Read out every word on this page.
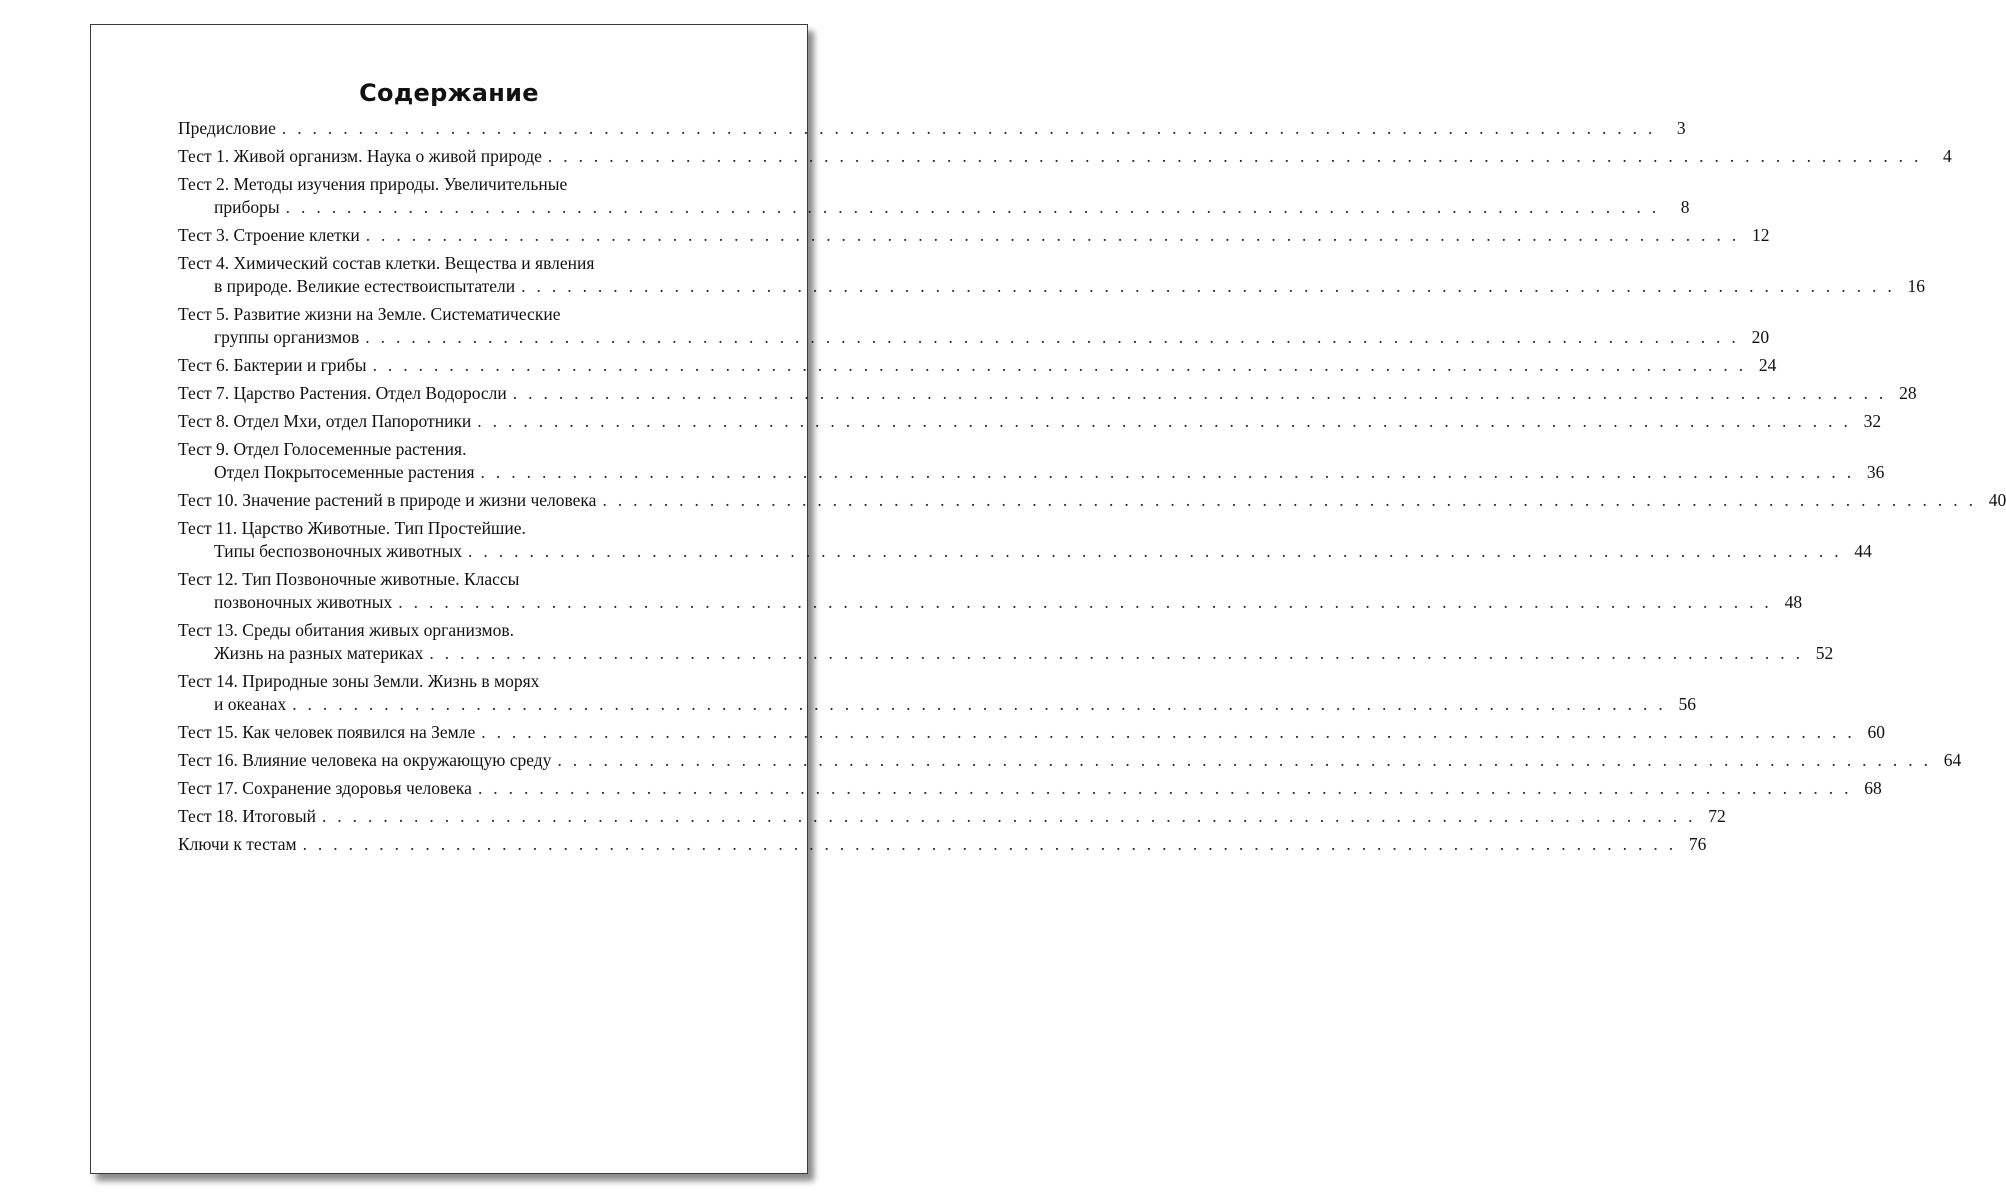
Содержание
Предисловие . . . . . . . . . . . . . . . . . . . . . . . . . . . . . . . . . . . . . . . . . . . . . . . . . . . . . . . . . . . . . . . . . . . . . . . . . . . . . . . . . . . . . . . . . .	3
Тест 1. Живой организм. Наука о живой природе . . . . . . . . . . . . . . . . . . . . . . . . . . . . . . . . . . . . . . . . . . . . . . . . . . . . . . . . . . . . . . . . . . . . . . . . . . . . . . . . . . . . . . . . . .	4
Тест 2. Методы изучения природы. Увеличительные
приборы . . . . . . . . . . . . . . . . . . . . . . . . . . . . . . . . . . . . . . . . . . . . . . . . . . . . . . . . . . . . . . . . . . . . . . . . . . . . . . . . . . . . . . . . . .	8
Тест 3. Строение клетки . . . . . . . . . . . . . . . . . . . . . . . . . . . . . . . . . . . . . . . . . . . . . . . . . . . . . . . . . . . . . . . . . . . . . . . . . . . . . . . . . . . . . . . . . . 12
Тест 4. Химический состав клетки. Вещества и явления
в природе. Великие естествоиспытатели . . . . . . . . . . . . . . . . . . . . . . . . . . . . . . . . . . . . . . . . . . . . . . . . . . . . . . . . . . . . . . . . . . . . . . . . . . . . . . . . . . . . . . . . . . 16
Тест 5. Развитие жизни на Земле. Систематические
группы организмов . . . . . . . . . . . . . . . . . . . . . . . . . . . . . . . . . . . . . . . . . . . . . . . . . . . . . . . . . . . . . . . . . . . . . . . . . . . . . . . . . . . . . . . . . . 20
Тест 6. Бактерии и грибы . . . . . . . . . . . . . . . . . . . . . . . . . . . . . . . . . . . . . . . . . . . . . . . . . . . . . . . . . . . . . . . . . . . . . . . . . . . . . . . . . . . . . . . . . . 24
Тест 7. Царство Растения. Отдел Водоросли . . . . . . . . . . . . . . . . . . . . . . . . . . . . . . . . . . . . . . . . . . . . . . . . . . . . . . . . . . . . . . . . . . . . . . . . . . . . . . . . . . . . . . . . . . 28
Тест 8. Отдел Мхи, отдел Папоротники . . . . . . . . . . . . . . . . . . . . . . . . . . . . . . . . . . . . . . . . . . . . . . . . . . . . . . . . . . . . . . . . . . . . . . . . . . . . . . . . . . . . . . . . . . 32
Тест 9. Отдел Голосеменные растения.
Отдел Покрытосеменные растения . . . . . . . . . . . . . . . . . . . . . . . . . . . . . . . . . . . . . . . . . . . . . . . . . . . . . . . . . . . . . . . . . . . . . . . . . . . . . . . . . . . . . . . . . . 36
Тест 10. Значение растений в природе и жизни человека . . . . . . . . . . . . . . . . . . . . . . . . . . . . . . . . . . . . . . . . . . . . . . . . . . . . . . . . . . . . . . . . . . . . . . . . . . . . . . . . . . . . . . . . . . 40
Тест 11. Царство Животные. Тип Простейшие.
Типы беспозвоночных животных . . . . . . . . . . . . . . . . . . . . . . . . . . . . . . . . . . . . . . . . . . . . . . . . . . . . . . . . . . . . . . . . . . . . . . . . . . . . . . . . . . . . . . . . . . 44
Тест 12. Тип Позвоночные животные. Классы
позвоночных животных . . . . . . . . . . . . . . . . . . . . . . . . . . . . . . . . . . . . . . . . . . . . . . . . . . . . . . . . . . . . . . . . . . . . . . . . . . . . . . . . . . . . . . . . . . 48
Тест 13. Среды обитания живых организмов.
Жизнь на разных материках . . . . . . . . . . . . . . . . . . . . . . . . . . . . . . . . . . . . . . . . . . . . . . . . . . . . . . . . . . . . . . . . . . . . . . . . . . . . . . . . . . . . . . . . . . 52
Тест 14. Природные зоны Земли. Жизнь в морях
и океанах . . . . . . . . . . . . . . . . . . . . . . . . . . . . . . . . . . . . . . . . . . . . . . . . . . . . . . . . . . . . . . . . . . . . . . . . . . . . . . . . . . . . . . . . . . 56
Тест 15. Как человек появился на Земле . . . . . . . . . . . . . . . . . . . . . . . . . . . . . . . . . . . . . . . . . . . . . . . . . . . . . . . . . . . . . . . . . . . . . . . . . . . . . . . . . . . . . . . . . . 60
Тест 16. Влияние человека на окружающую среду . . . . . . . . . . . . . . . . . . . . . . . . . . . . . . . . . . . . . . . . . . . . . . . . . . . . . . . . . . . . . . . . . . . . . . . . . . . . . . . . . . . . . . . . . . 64
Тест 17. Сохранение здоровья человека . . . . . . . . . . . . . . . . . . . . . . . . . . . . . . . . . . . . . . . . . . . . . . . . . . . . . . . . . . . . . . . . . . . . . . . . . . . . . . . . . . . . . . . . . . 68
Тест 18. Итоговый . . . . . . . . . . . . . . . . . . . . . . . . . . . . . . . . . . . . . . . . . . . . . . . . . . . . . . . . . . . . . . . . . . . . . . . . . . . . . . . . . . . . . . . . . . 72
Ключи к тестам . . . . . . . . . . . . . . . . . . . . . . . . . . . . . . . . . . . . . . . . . . . . . . . . . . . . . . . . . . . . . . . . . . . . . . . . . . . . . . . . . . . . . . . . . . 76
